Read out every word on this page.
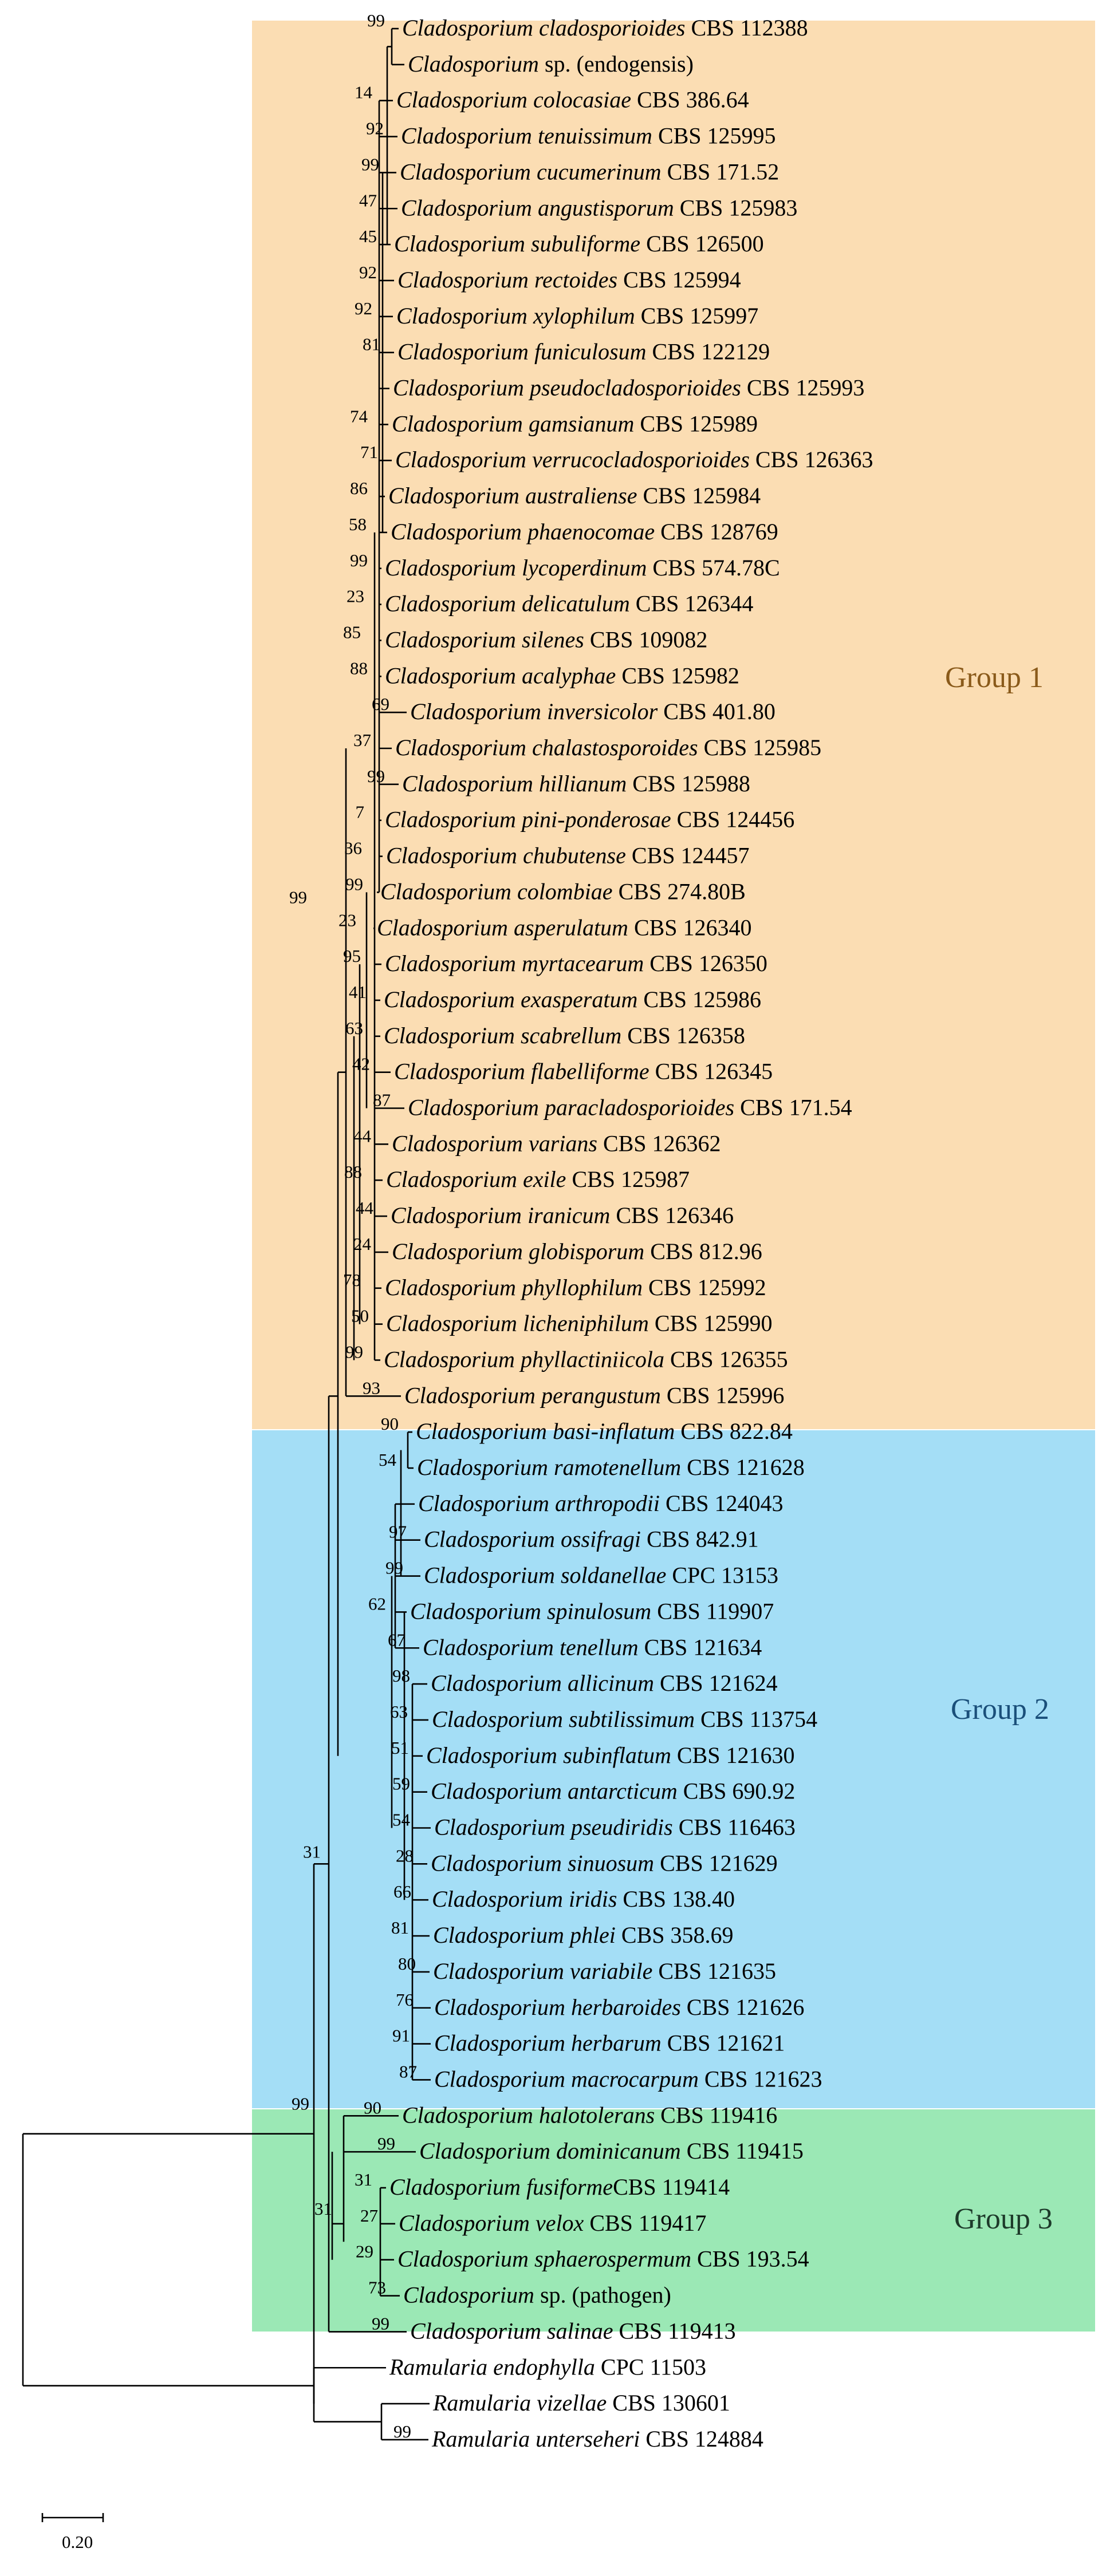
Cladosporium cladosporioides CBS 112388
Cladosporium sp. (endogensis)
Cladosporium colocasiae CBS 386.64
Cladosporium tenuissimum CBS 125995
Cladosporium cucumerinum CBS 171.52
Cladosporium angustisporum CBS 125983
Cladosporium subuliforme CBS 126500
Cladosporium rectoides CBS 125994
Cladosporium xylophilum CBS 125997
Cladosporium funiculosum CBS 122129
Cladosporium pseudocladosporioides CBS 125993
Cladosporium gamsianum CBS 125989
Cladosporium verrucocladosporioides CBS 126363
Cladosporium australiense CBS 125984
Cladosporium phaenocomae CBS 128769
Cladosporium lycoperdinum CBS 574.78C
Cladosporium delicatulum CBS 126344
Cladosporium silenes CBS 109082
Cladosporium acalyphae CBS 125982
Cladosporium inversicolor CBS 401.80
Cladosporium chalastosporoides CBS 125985
Cladosporium hillianum CBS 125988
Cladosporium pini-ponderosae CBS 124456
Cladosporium chubutense CBS 124457
Cladosporium colombiae CBS 274.80B
Cladosporium asperulatum CBS 126340
Cladosporium myrtacearum CBS 126350
Cladosporium exasperatum CBS 125986
Cladosporium scabrellum CBS 126358
Cladosporium flabelliforme CBS 126345
Cladosporium paracladosporioides CBS 171.54
Cladosporium varians CBS 126362
Cladosporium exile CBS 125987
Cladosporium iranicum CBS 126346
Cladosporium globisporum CBS 812.96
Cladosporium phyllophilum CBS 125992
Cladosporium licheniphilum CBS 125990
Cladosporium phyllactiniicola CBS 126355
Cladosporium perangustum CBS 125996
Cladosporium basi-inflatum CBS 822.84
Cladosporium ramotenellum CBS 121628
Cladosporium arthropodii CBS 124043
Cladosporium ossifragi CBS 842.91
Cladosporium soldanellae CPC 13153
Cladosporium spinulosum CBS 119907
Cladosporium tenellum CBS 121634
Cladosporium allicinum CBS 121624
Cladosporium subtilissimum CBS 113754
Cladosporium subinflatum CBS 121630
Cladosporium antarcticum CBS 690.92
Cladosporium pseudiridis CBS 116463
Cladosporium sinuosum CBS 121629
Cladosporium iridis CBS 138.40
Cladosporium phlei CBS 358.69
Cladosporium variabile CBS 121635
Cladosporium herbaroides CBS 121626
Cladosporium herbarum CBS 121621
Cladosporium macrocarpum CBS 121623
Cladosporium halotolerans CBS 119416
Cladosporium dominicanum CBS 119415
Cladosporium fusiformeCBS 119414
Cladosporium velox CBS 119417
Cladosporium sphaerospermum CBS 193.54
Cladosporium sp. (pathogen)
Cladosporium salinae CBS 119413
Ramularia endophylla CPC 11503
Ramularia vizellae CBS 130601
Ramularia unterseheri CBS 124884
99
14
92
99
47
45
92
92
81
74
71
86
58
99
23
85
88
69
37
99
7
36
99
23
95
41
63
42
87
44
88
44
24
78
50
99
93
90
54
97
99
62
67
98
63
51
59
54
28
66
81
80
76
91
87
90
99
31
27
29
73
99
99
31
99
31
99
Group 1
Group 2
Group 3
0.20
